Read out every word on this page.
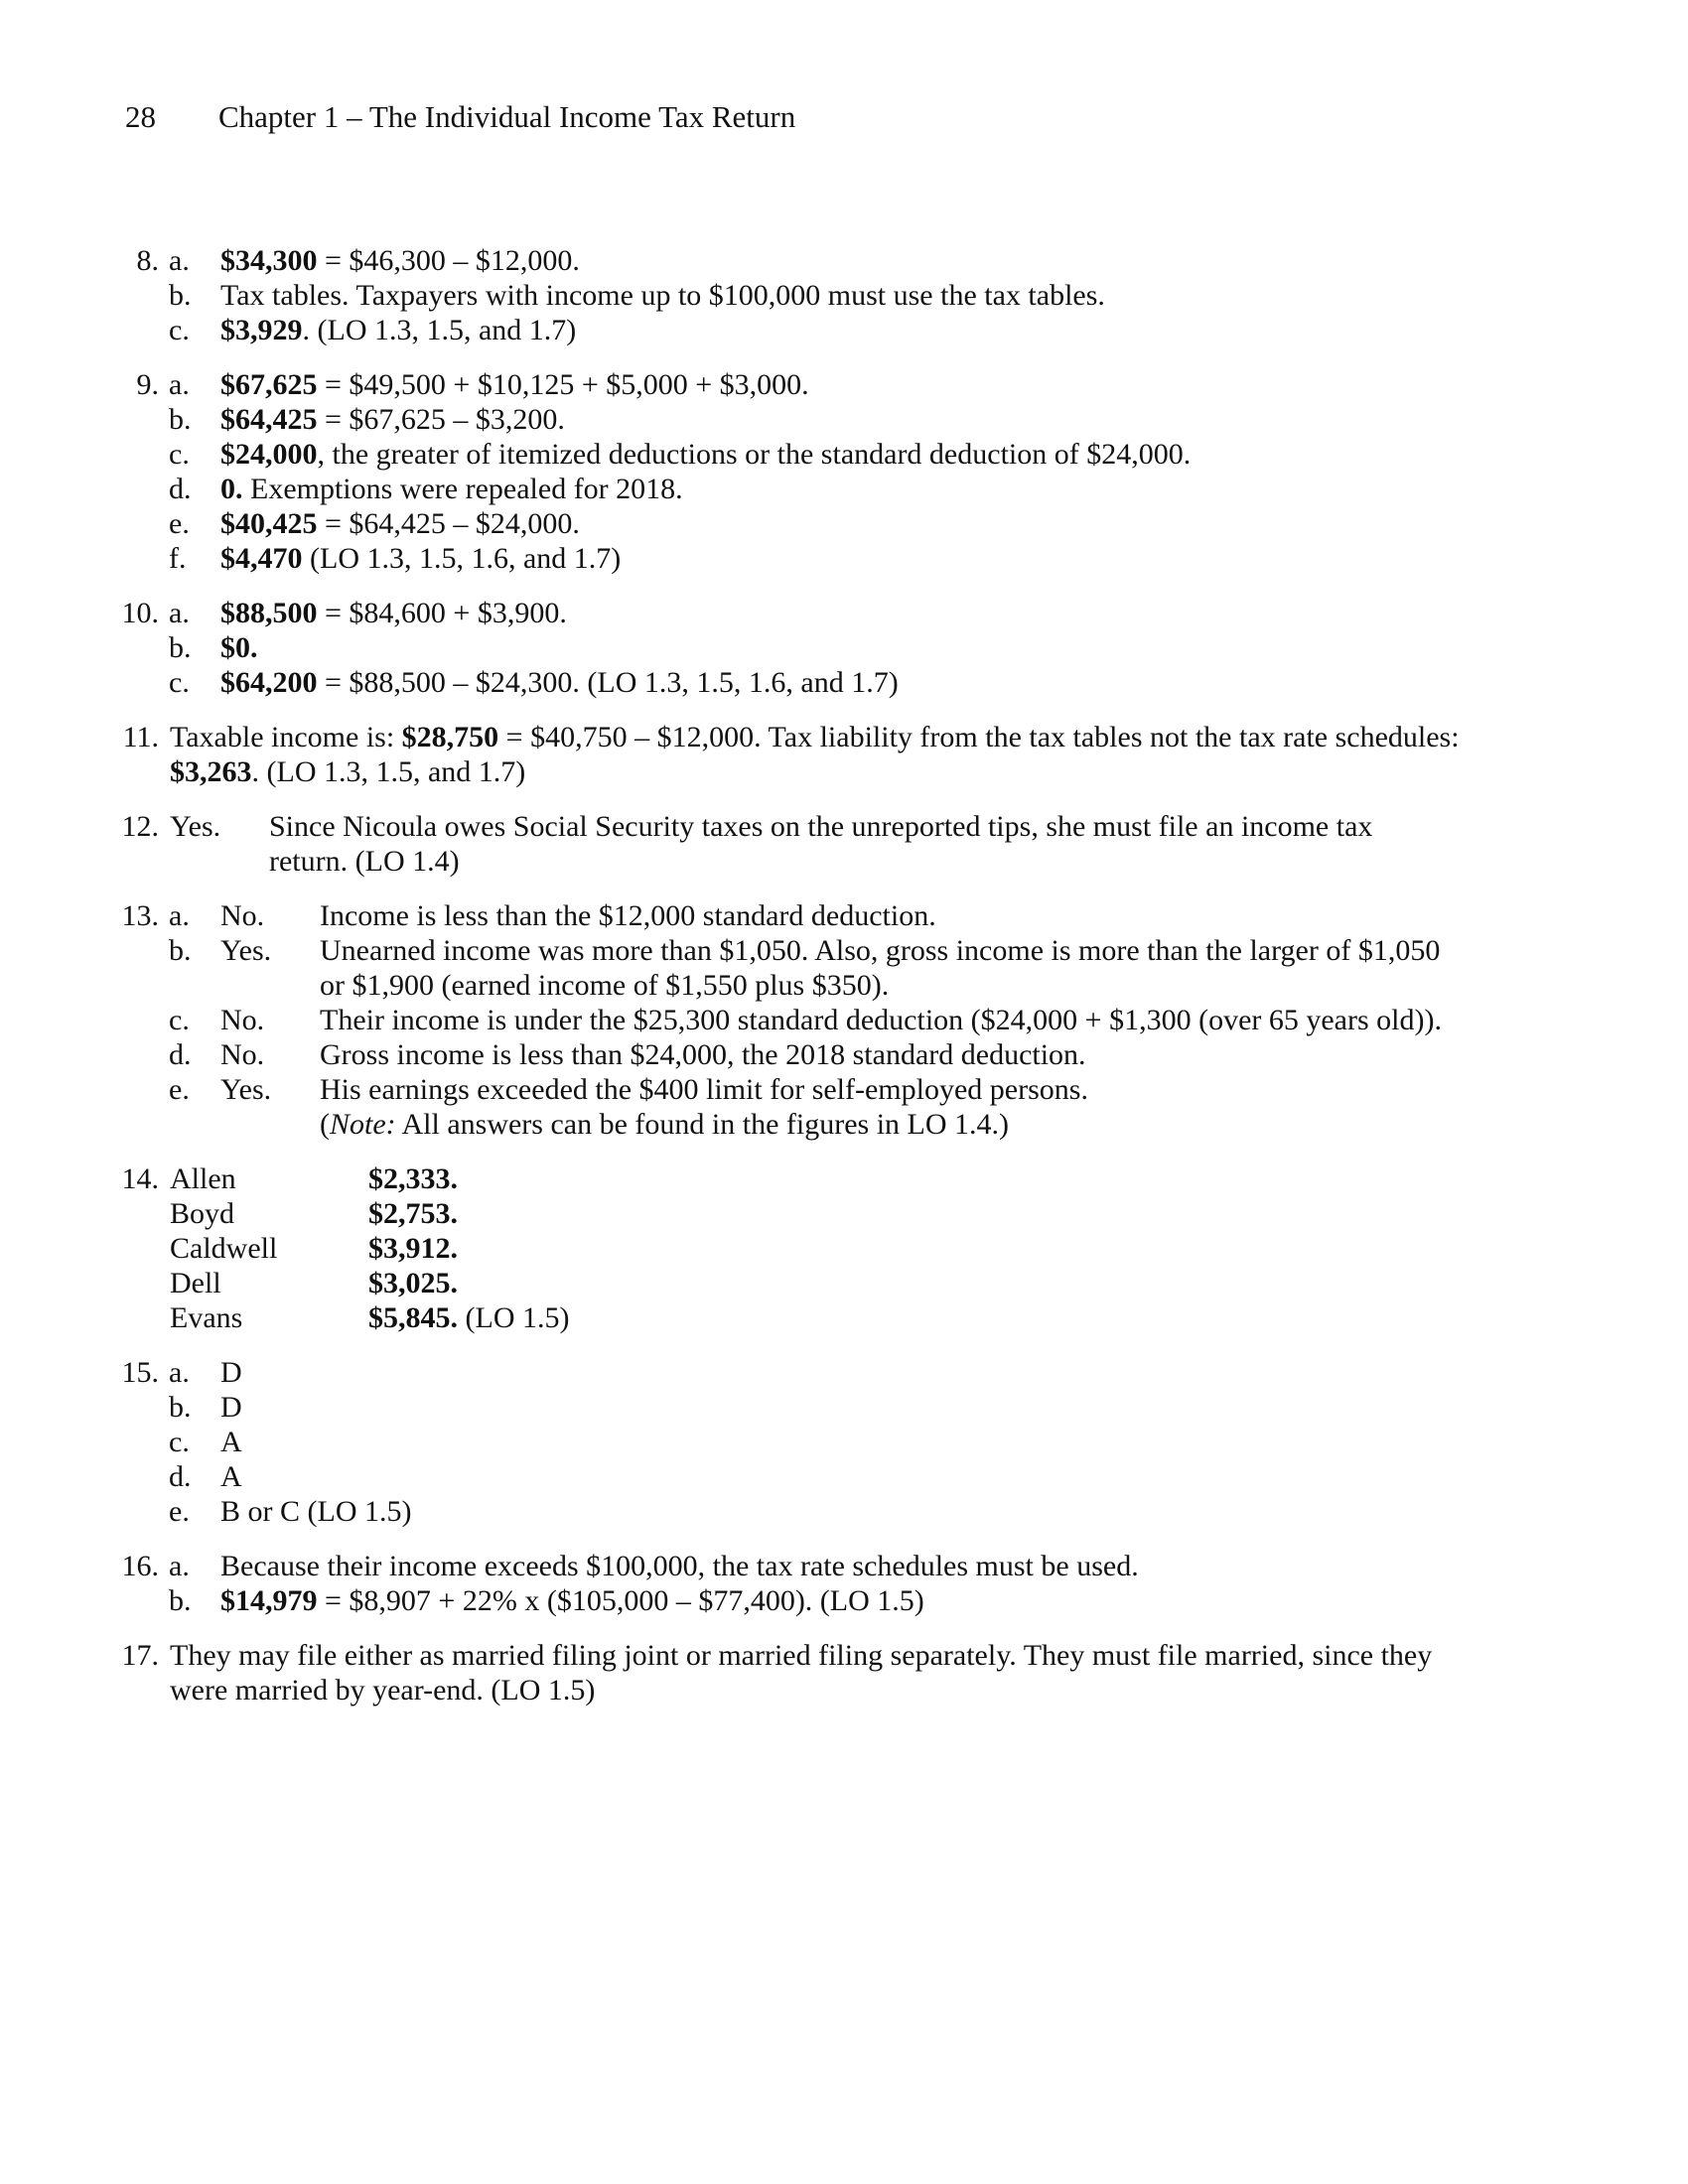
28 Chapter 1 – The Individual Income Tax Return
8. a. $34,300 = $46,300 – $12,000.
b. Tax tables. Taxpayers with income up to $100,000 must use the tax tables.
c. $3,929. (LO 1.3, 1.5, and 1.7)
9. a. $67,625 = $49,500 + $10,125 + $5,000 + $3,000.
b. $64,425 = $67,625 – $3,200.
c. $24,000, the greater of itemized deductions or the standard deduction of $24,000.
d. 0. Exemptions were repealed for 2018.
e. $40,425 = $64,425 – $24,000.
f. $4,470 (LO 1.3, 1.5, 1.6, and 1.7)
10. a. $88,500 = $84,600 + $3,900.
b. $0.
c. $64,200 = $88,500 – $24,300. (LO 1.3, 1.5, 1.6, and 1.7)
11. Taxable income is: $28,750 = $40,750 – $12,000. Tax liability from the tax tables not the tax rate schedules:
$3,263. (LO 1.3, 1.5, and 1.7)
12. Yes. Since Nicoula owes Social Security taxes on the unreported tips, she must file an income tax
return. (LO 1.4)
13. a. No. Income is less than the $12,000 standard deduction.
b. Yes. Unearned income was more than $1,050. Also, gross income is more than the larger of $1,050
or $1,900 (earned income of $1,550 plus $350).
c. No. Their income is under the $25,300 standard deduction ($24,000 + $1,300 (over 65 years old)).
d. No. Gross income is less than $24,000, the 2018 standard deduction.
e. Yes. His earnings exceeded the $400 limit for self-employed persons.
(Note: All answers can be found in the figures in LO 1.4.)
14. Allen	$2,333.
Boyd	$2,753.
Caldwell	$3,912.
Dell	$3,025.
Evans	$5,845. (LO 1.5)
15. a. D
b. D
c. A
d. A
e. B or C (LO 1.5)
16. a. Because their income exceeds $100,000, the tax rate schedules must be used.
b. $14,979 = $8,907 + 22% x ($105,000 – $77,400). (LO 1.5)
17. They may file either as married filing joint or married filing separately. They must file married, since they
were married by year-end. (LO 1.5)
